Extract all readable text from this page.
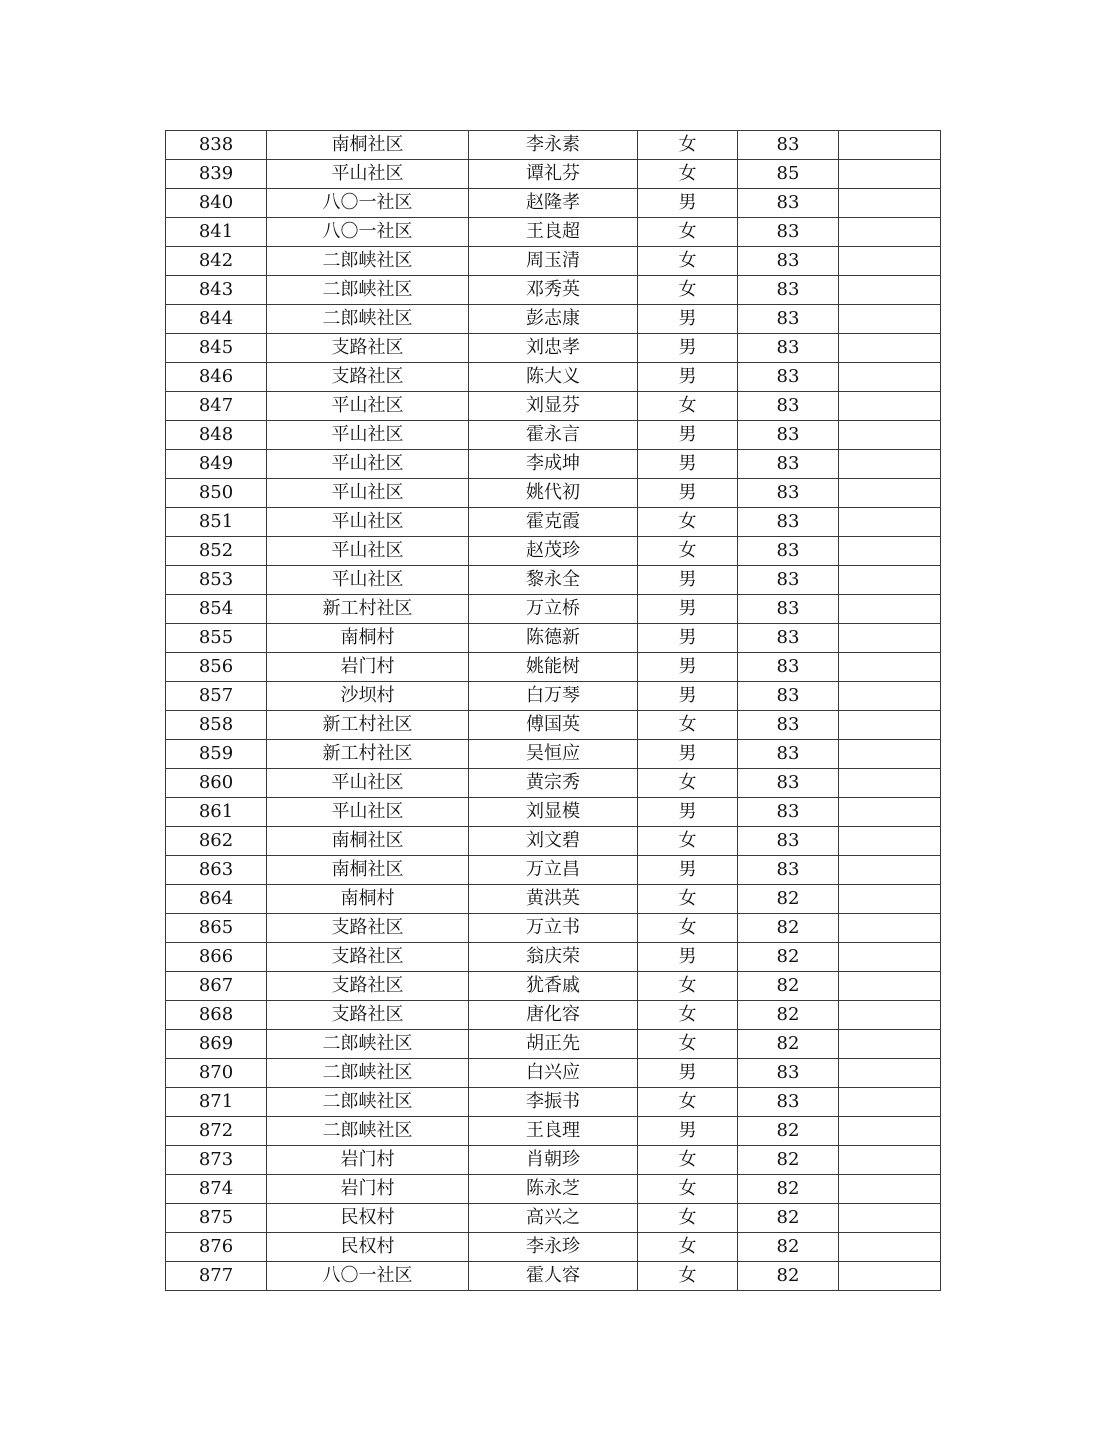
838	南桐社区	李永素	女	83	
839	平山社区	谭礼芬	女	85	
840	八〇一社区	赵隆孝	男	83	
841	八〇一社区	王良超	女	83	
842	二郎峡社区	周玉清	女	83	
843	二郎峡社区	邓秀英	女	83	
844	二郎峡社区	彭志康	男	83	
845	支路社区	刘忠孝	男	83	
846	支路社区	陈大义	男	83	
847	平山社区	刘显芬	女	83	
848	平山社区	霍永言	男	83	
849	平山社区	李成坤	男	83	
850	平山社区	姚代初	男	83	
851	平山社区	霍克霞	女	83	
852	平山社区	赵茂珍	女	83	
853	平山社区	黎永全	男	83	
854	新工村社区	万立桥	男	83	
855	南桐村	陈德新	男	83	
856	岩门村	姚能树	男	83	
857	沙坝村	白万琴	男	83	
858	新工村社区	傅国英	女	83	
859	新工村社区	吴恒应	男	83	
860	平山社区	黄宗秀	女	83	
861	平山社区	刘显模	男	83	
862	南桐社区	刘文碧	女	83	
863	南桐社区	万立昌	男	83	
864	南桐村	黄洪英	女	82	
865	支路社区	万立书	女	82	
866	支路社区	翁庆荣	男	82	
867	支路社区	犹香戚	女	82	
868	支路社区	唐化容	女	82	
869	二郎峡社区	胡正先	女	82	
870	二郎峡社区	白兴应	男	83	
871	二郎峡社区	李振书	女	83	
872	二郎峡社区	王良理	男	82	
873	岩门村	肖朝珍	女	82	
874	岩门村	陈永芝	女	82	
875	民权村	高兴之	女	82	
876	民权村	李永珍	女	82	
877	八〇一社区	霍人容	女	82	
